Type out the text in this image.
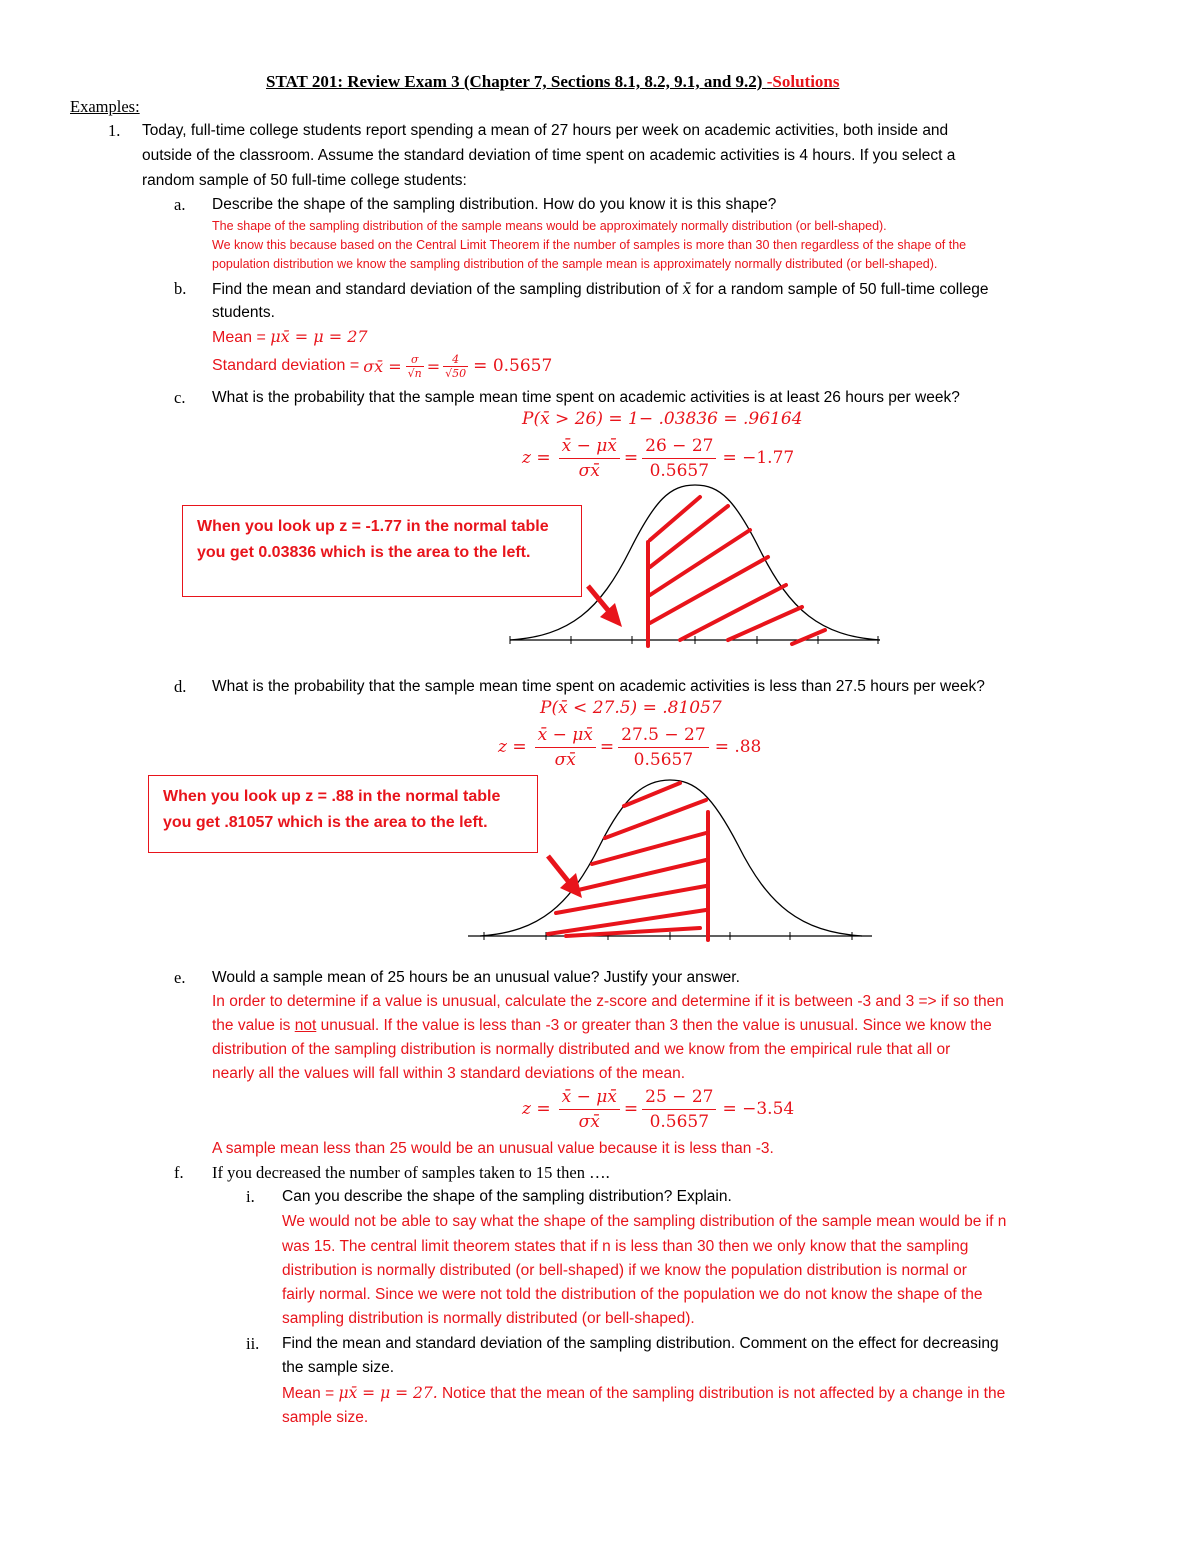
STAT 201: Review Exam 3 (Chapter 7, Sections 8.1, 8.2, 9.1, and 9.2) -Solutions
Examples:
1. Today, full-time college students report spending a mean of 27 hours per week on academic activities, both inside and
outside of the classroom. Assume the standard deviation of time spent on academic activities is 4 hours. If you select a
random sample of 50 full-time college students:
a. Describe the shape of the sampling distribution. How do you know it is this shape?
The shape of the sampling distribution of the sample means would be approximately normally distribution (or bell-shaped).
We know this because based on the Central Limit Theorem if the number of samples is more than 30 then regardless of the shape of the
population distribution we know the sampling distribution of the sample mean is approximately normally distributed (or bell-shaped).
b. Find the mean and standard deviation of the sampling distribution of x̄ for a random sample of 50 full-time college
students.
Mean = μx̄ = μ = 27
Standard deviation = σx̄ = $\frac{\sigma}{√n} = \frac{4}{√50} = 0.5657$
c. What is the probability that the sample mean time spent on academic activities is at least 26 hours per week?
P(x̄ > 26) = 1− .03836 = .96164
$z = \frac{x̄ - \mu x̄}{\sigma x̄} = \frac{26 - 27}{0.5657} = -1.77$
When you look up z = -1.77 in the normal table you get 0.03836 which is the area to the left.
d. What is the probability that the sample mean time spent on academic activities is less than 27.5 hours per week?
P(x̄ < 27.5) = .81057
$z = \frac{x̄ - \mu x̄}{\sigma x̄} = \frac{27.5 - 27}{0.5657} = .88$
When you look up z = .88 in the normal table you get .81057 which is the area to the left.
e. Would a sample mean of 25 hours be an unusual value? Justify your answer.
In order to determine if a value is unusual, calculate the z-score and determine if it is between -3 and 3 => if so then
the value is not unusual. If the value is less than -3 or greater than 3 then the value is unusual. Since we know the
distribution of the sampling distribution is normally distributed and we know from the empirical rule that all or
nearly all the values will fall within 3 standard deviations of the mean.
$z = \frac{x̄ - \mu x̄}{\sigma x̄} = \frac{25 - 27}{0.5657} = -3.54$
A sample mean less than 25 would be an unusual value because it is less than -3.
f. If you decreased the number of samples taken to 15 then ….
i. Can you describe the shape of the sampling distribution? Explain.
We would not be able to say what the shape of the sampling distribution of the sample mean would be if n
was 15. The central limit theorem states that if n is less than 30 then we only know that the sampling
distribution is normally distributed (or bell-shaped) if we know the population distribution is normal or
fairly normal. Since we were not told the distribution of the population we do not know the shape of the
sampling distribution is normally distributed (or bell-shaped).
ii. Find the mean and standard deviation of the sampling distribution. Comment on the effect for decreasing
the sample size.
Mean = μx̄ = μ = 27. Notice that the mean of the sampling distribution is not affected by a change in the
sample size.
